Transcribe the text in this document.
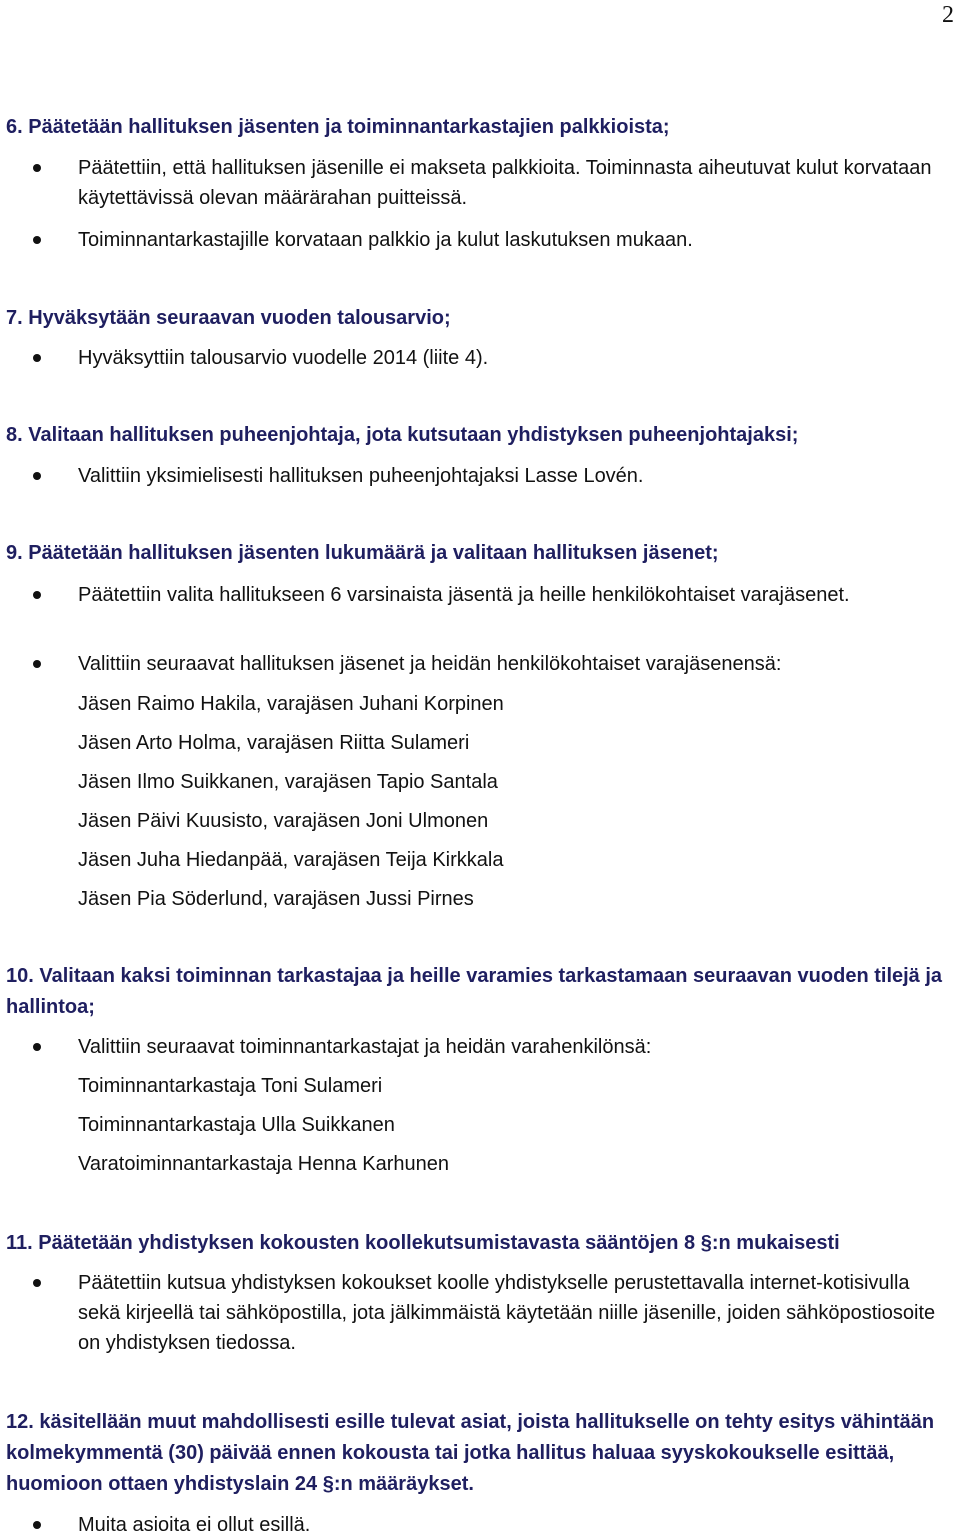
2
6. Päätetään hallituksen jäsenten ja toiminnantarkastajien palkkioista;
Päätettiin, että hallituksen jäsenille ei makseta palkkioita. Toiminnasta aiheutuvat kulut korvataan käytettävissä olevan määrärahan puitteissä.
Toiminnantarkastajille korvataan palkkio ja kulut laskutuksen mukaan.
7. Hyväksytään seuraavan vuoden talousarvio;
Hyväksyttiin talousarvio vuodelle 2014 (liite 4).
8. Valitaan hallituksen puheenjohtaja, jota kutsutaan yhdistyksen puheenjohtajaksi;
Valittiin yksimielisesti hallituksen puheenjohtajaksi Lasse Lovén.
9. Päätetään hallituksen jäsenten lukumäärä ja valitaan hallituksen jäsenet;
Päätettiin valita hallitukseen 6 varsinaista jäsentä ja heille henkilökohtaiset varajäsenet.
Valittiin seuraavat hallituksen jäsenet ja heidän henkilökohtaiset varajäsenensä:
Jäsen Raimo Hakila, varajäsen Juhani Korpinen
Jäsen Arto Holma, varajäsen Riitta Sulameri
Jäsen Ilmo Suikkanen, varajäsen Tapio Santala
Jäsen Päivi Kuusisto, varajäsen Joni Ulmonen
Jäsen Juha Hiedanpää, varajäsen Teija Kirkkala
Jäsen Pia Söderlund, varajäsen Jussi Pirnes
10. Valitaan kaksi toiminnan tarkastajaa ja heille varamies tarkastamaan seuraavan vuoden tilejä ja hallintoa;
Valittiin seuraavat toiminnantarkastajat ja heidän varahenkilönsä:
Toiminnantarkastaja Toni Sulameri
Toiminnantarkastaja Ulla Suikkanen
Varatoiminnantarkastaja Henna Karhunen
11. Päätetään yhdistyksen kokousten koollekutsumistavasta sääntöjen 8 §:n mukaisesti
Päätettiin kutsua yhdistyksen kokoukset koolle yhdistykselle perustettavalla internet-kotisivulla sekä kirjeellä tai sähköpostilla, jota jälkimmäistä käytetään niille jäsenille, joiden sähköpostiosoite on yhdistyksen tiedossa.
12. käsitellään muut mahdollisesti esille tulevat asiat, joista hallitukselle on tehty esitys vähintään kolmekymmentä (30) päivää ennen kokousta tai jotka hallitus haluaa syyskokoukselle esittää, huomioon ottaen yhdistyslain 24 §:n määräykset.
Muita asioita ei ollut esillä.
